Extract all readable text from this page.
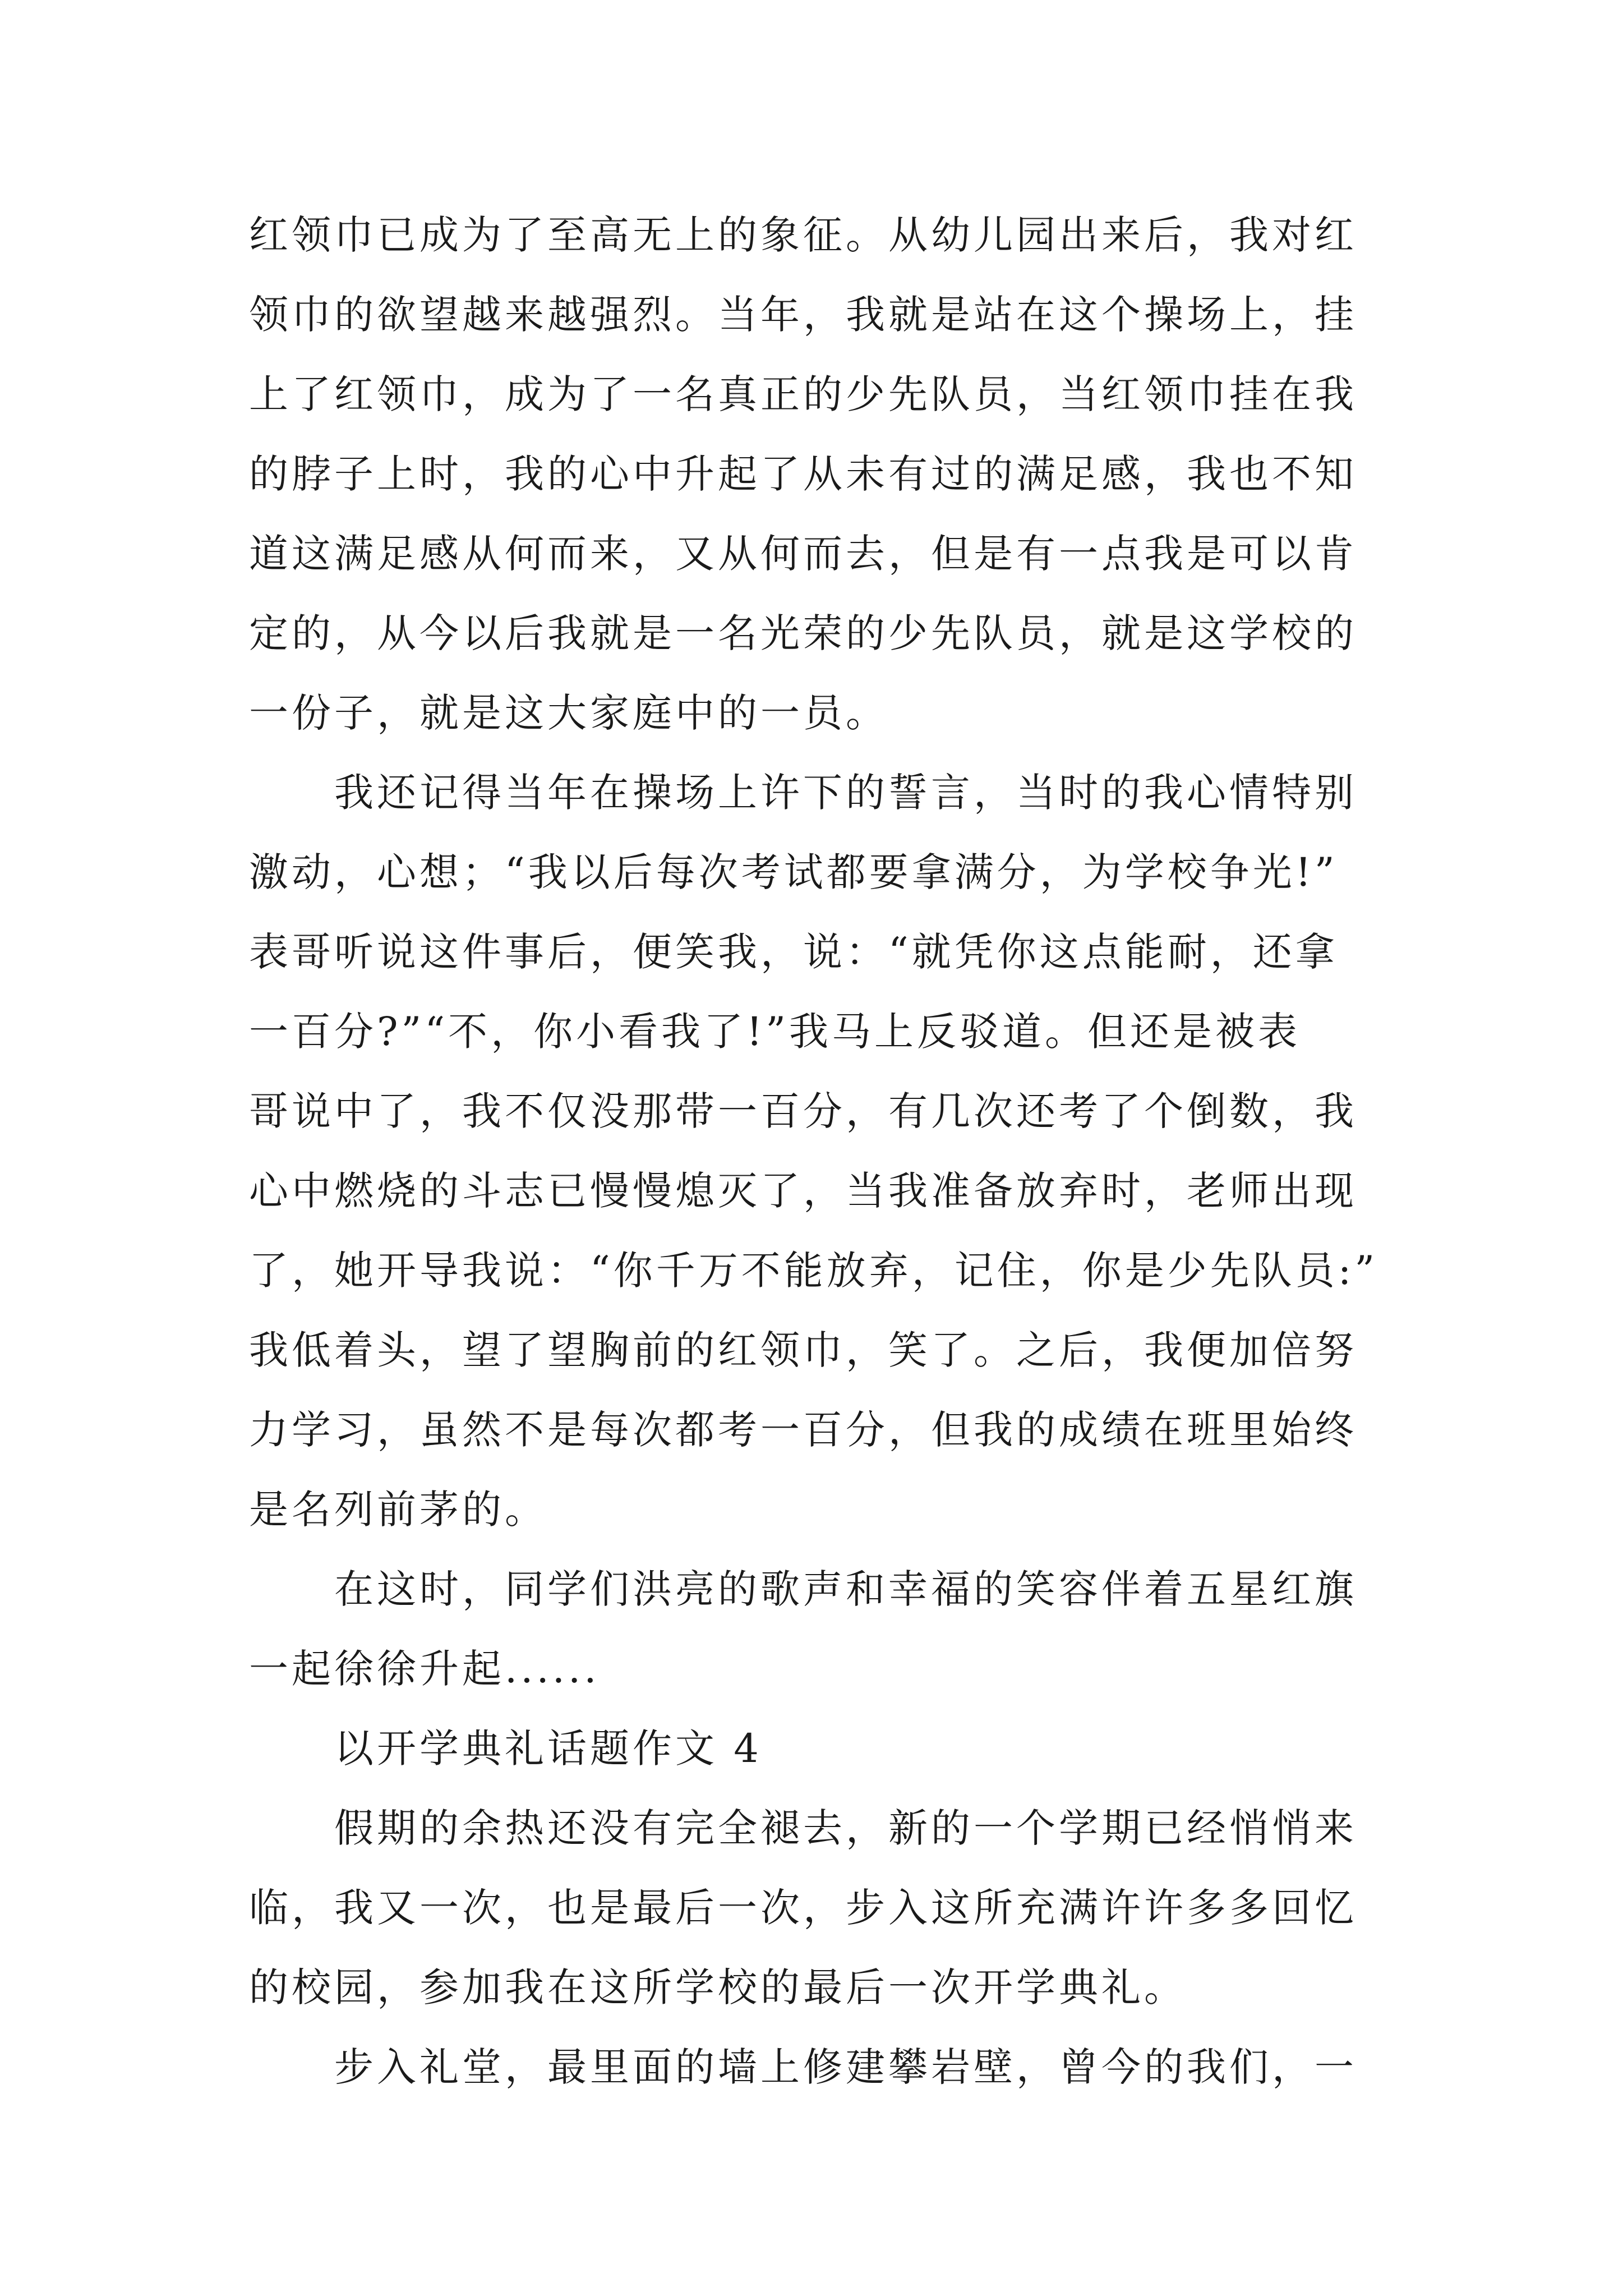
红领巾已成为了至高无上的象征。从幼儿园出来后，我对红
领巾的欲望越来越强烈。当年，我就是站在这个操场上，挂
上了红领巾，成为了一名真正的少先队员，当红领巾挂在我
的脖子上时，我的心中升起了从未有过的满足感，我也不知
道这满足感从何而来，又从何而去，但是有一点我是可以肯
定的，从今以后我就是一名光荣的少先队员，就是这学校的
一份子，就是这大家庭中的一员。
　　我还记得当年在操场上许下的誓言，当时的我心情特别
激动，心想；“我以后每次考试都要拿满分，为学校争光!”
表哥听说这件事后，便笑我，说：“就凭你这点能耐，还拿
一百分?”“不，你小看我了!”我马上反驳道。但还是被表
哥说中了，我不仅没那带一百分，有几次还考了个倒数，我
心中燃烧的斗志已慢慢熄灭了，当我准备放弃时，老师出现
了，她开导我说：“你千万不能放弃，记住，你是少先队员:”
我低着头，望了望胸前的红领巾，笑了。之后，我便加倍努
力学习，虽然不是每次都考一百分，但我的成绩在班里始终
是名列前茅的。
　　在这时，同学们洪亮的歌声和幸福的笑容伴着五星红旗
一起徐徐升起......
　　以开学典礼话题作文 4
　　假期的余热还没有完全褪去，新的一个学期已经悄悄来
临，我又一次，也是最后一次，步入这所充满许许多多回忆
的校园，参加我在这所学校的最后一次开学典礼。
　　步入礼堂，最里面的墙上修建攀岩壁，曾今的我们，一
